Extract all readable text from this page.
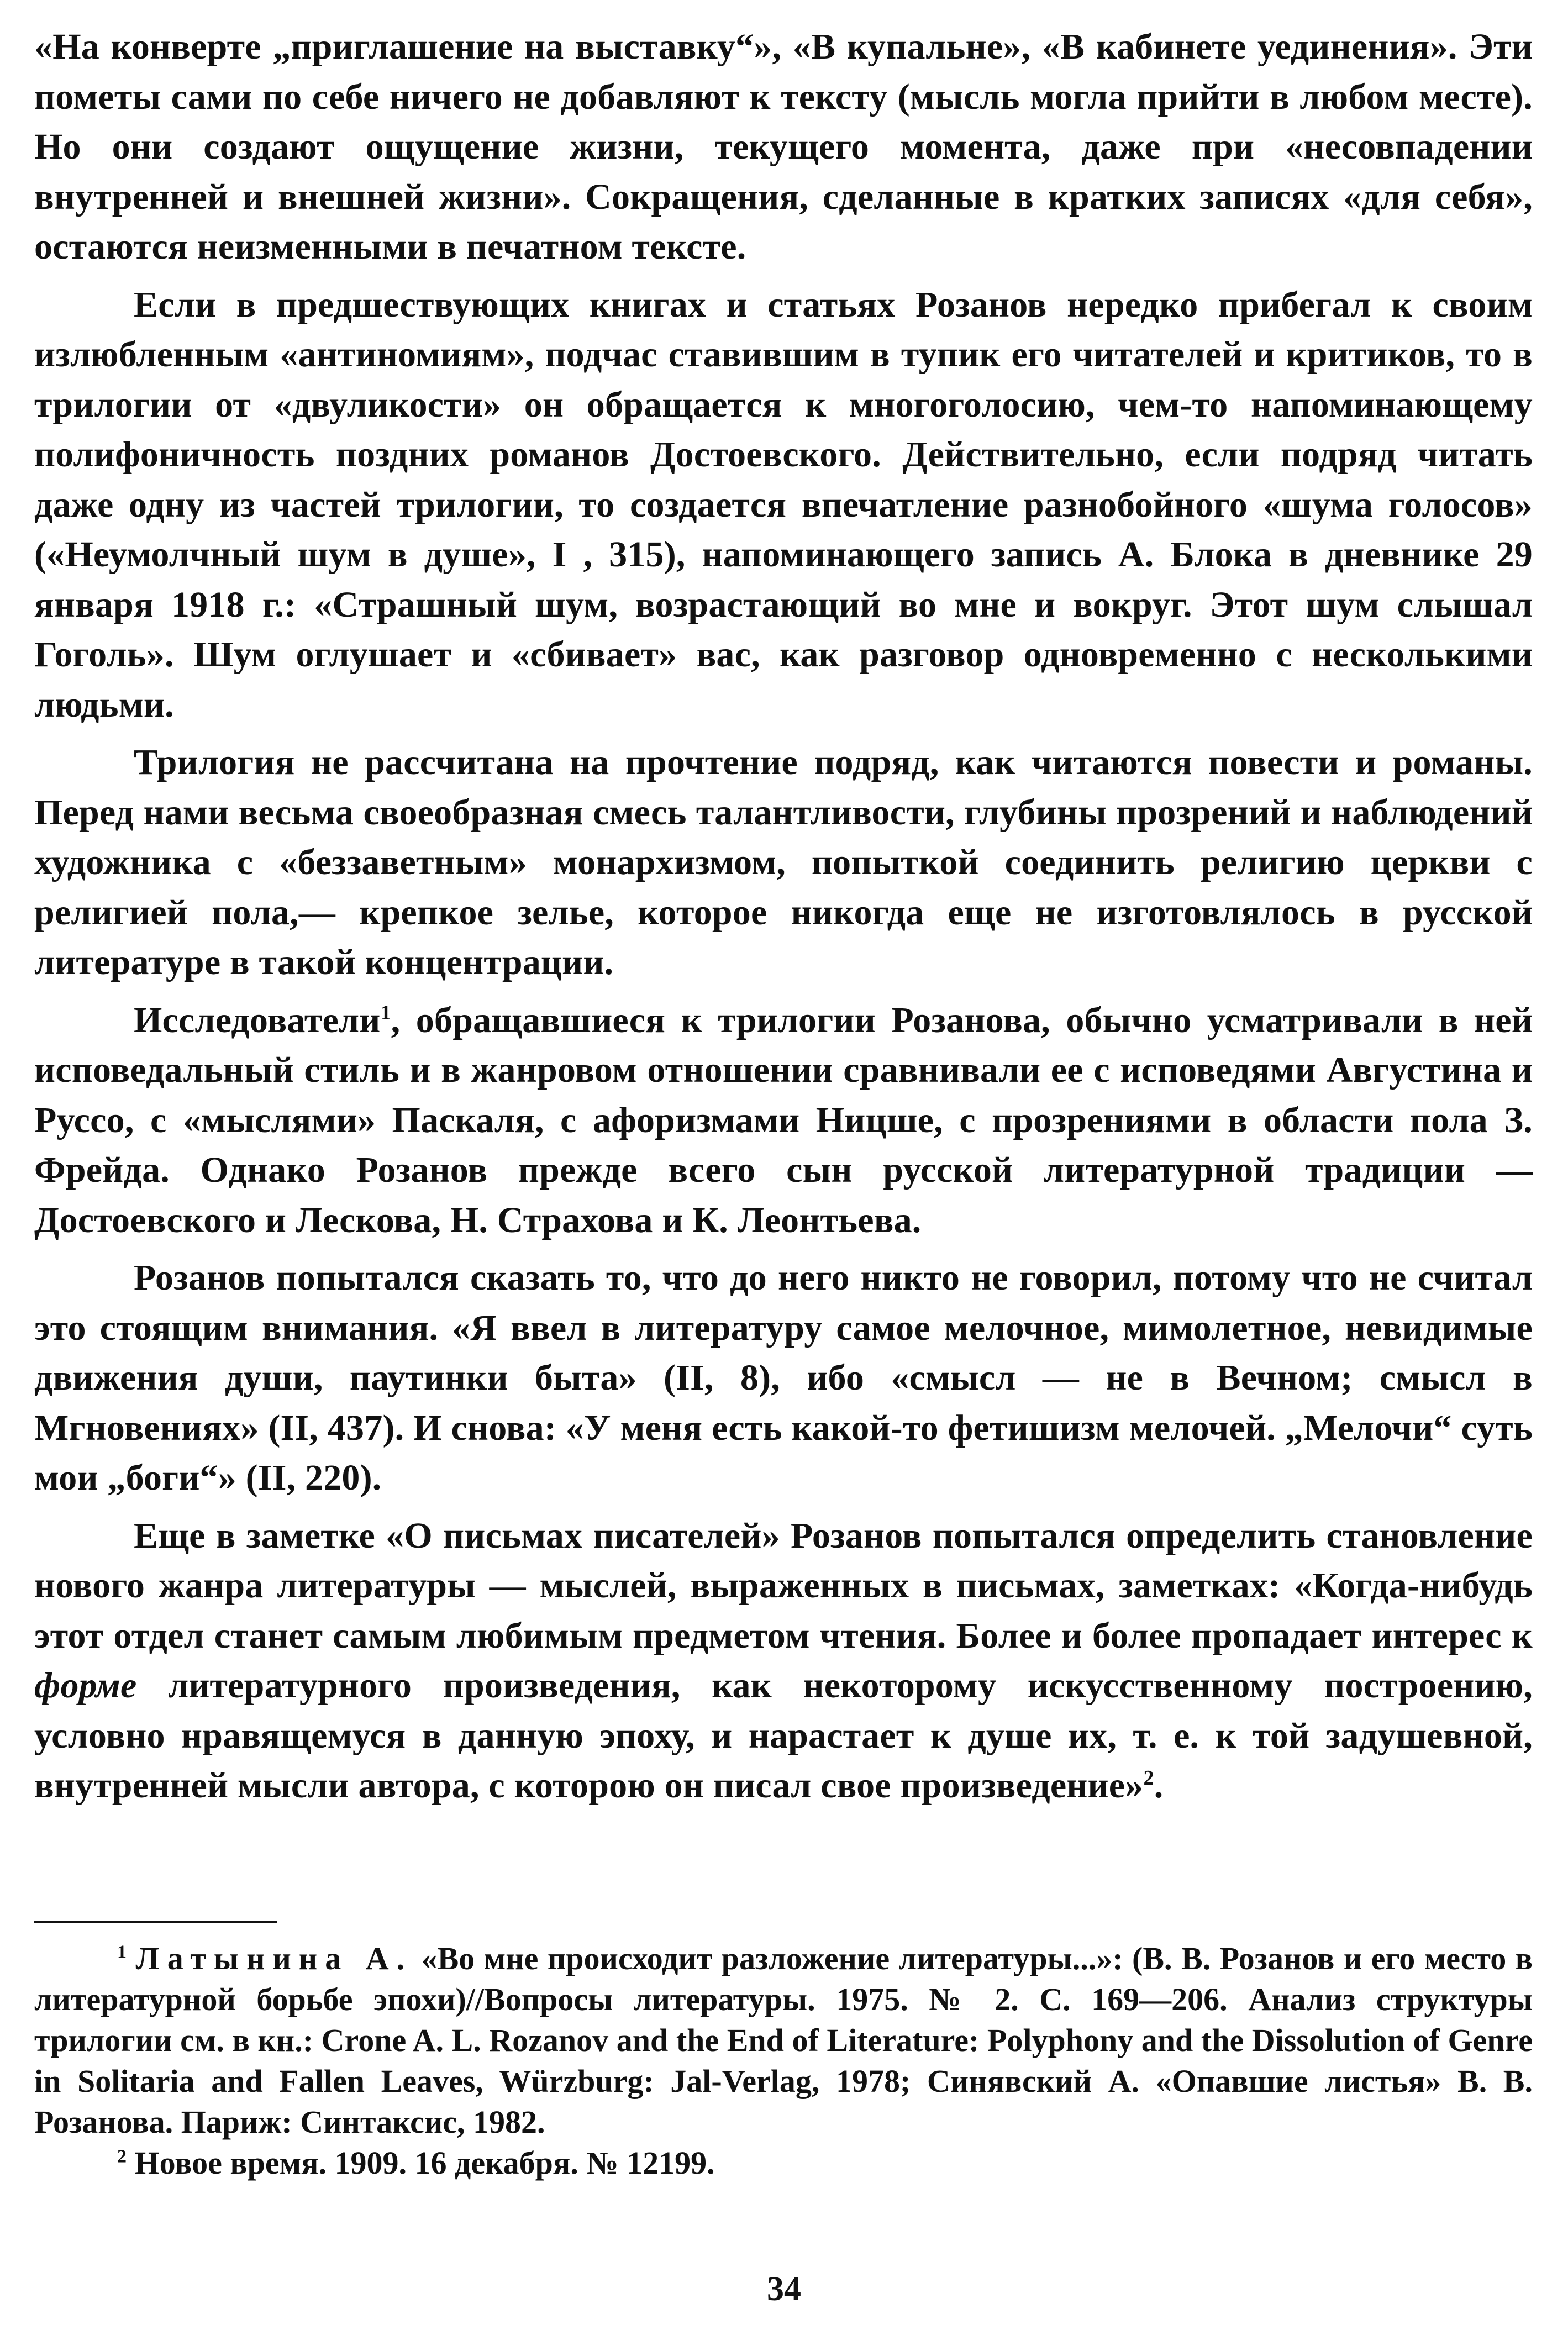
«На конверте „приглашение на выставку“», «В купальне», «В кабинете уединения». Эти пометы сами по себе ничего не добавляют к тексту (мысль могла прийти в любом месте). Но они создают ощущение жизни, текущего момента, даже при «несовпадении внутренней и внешней жизни». Сокращения, сделанные в кратких записях «для себя», остаются неизменными в печатном тексте.

Если в предшествующих книгах и статьях Розанов нередко прибегал к своим излюбленным «антиномиям», подчас ставившим в тупик его читателей и критиков, то в трилогии от «двуликости» он обращается к многоголосию, чем-то напоминающему полифоничность поздних романов Достоевского. Действительно, если подряд читать даже одну из частей трилогии, то создается впечатление разнобойного «шума голосов» («Неумолчный шум в душе», I , 315), напоминающего запись А. Блока в дневнике 29 января 1918 г.: «Страшный шум, возрастающий во мне и вокруг. Этот шум слышал Гоголь». Шум оглушает и «сбивает» вас, как разговор одновременно с несколькими людьми.

Трилогия не рассчитана на прочтение подряд, как читаются повести и романы. Перед нами весьма своеобразная смесь талантливости, глубины прозрений и наблюдений художника с «беззаветным» монархизмом, попыткой соединить религию церкви с религией пола,— крепкое зелье, которое никогда еще не изготовлялось в русской литературе в такой концентрации.

Исследователи$^1$, обращавшиеся к трилогии Розанова, обычно усматривали в ней исповедальный стиль и в жанровом отношении сравнивали ее с исповедями Августина и Руссо, с «мыслями» Паскаля, с афоризмами Ницше, с прозрениями в области пола З. Фрейда. Однако Розанов прежде всего сын русской литературной традиции — Достоевского и Лескова, Н. Страхова и К. Леонтьева.

Розанов попытался сказать то, что до него никто не говорил, потому что не считал это стоящим внимания. «Я ввел в литературу самое мелочное, мимолетное, невидимые движения души, паутинки быта» (II, 8), ибо «смысл — не в Вечном; смысл в Мгновениях» (II, 437). И снова: «У меня есть какой-то фетишизм мелочей. „Мелочи“ суть мои „боги“» (II, 220).

Еще в заметке «О письмах писателей» Розанов попытался определить становление нового жанра литературы — мыслей, выраженных в письмах, заметках: «Когда-нибудь этот отдел станет самым любимым предметом чтения. Более и более пропадает интерес к форме литературного произведения, как некоторому искусственному построению, условно нравящемуся в данную эпоху, и нарастает к душе их, т. е. к той задушевной, внутренней мысли автора, с которою он писал свое произведение»$^2$.

$^1$ Латынина А. «Во мне происходит разложение литературы...»: (В. В. Розанов и его место в литературной борьбе эпохи)//Вопросы литературы. 1975. № 2. С. 169—206. Анализ структуры трилогии см. в кн.: Crone A. L. Rozanov and the End of Literature: Polyphony and the Dissolution of Genre in Solitaria and Fallen Leaves, Würzburg: Jal-Verlag, 1978; Синявский А. «Опавшие листья» В. В. Розанова. Париж: Синтаксис, 1982.

$^2$ Новое время. 1909. 16 декабря. № 12199.

34
